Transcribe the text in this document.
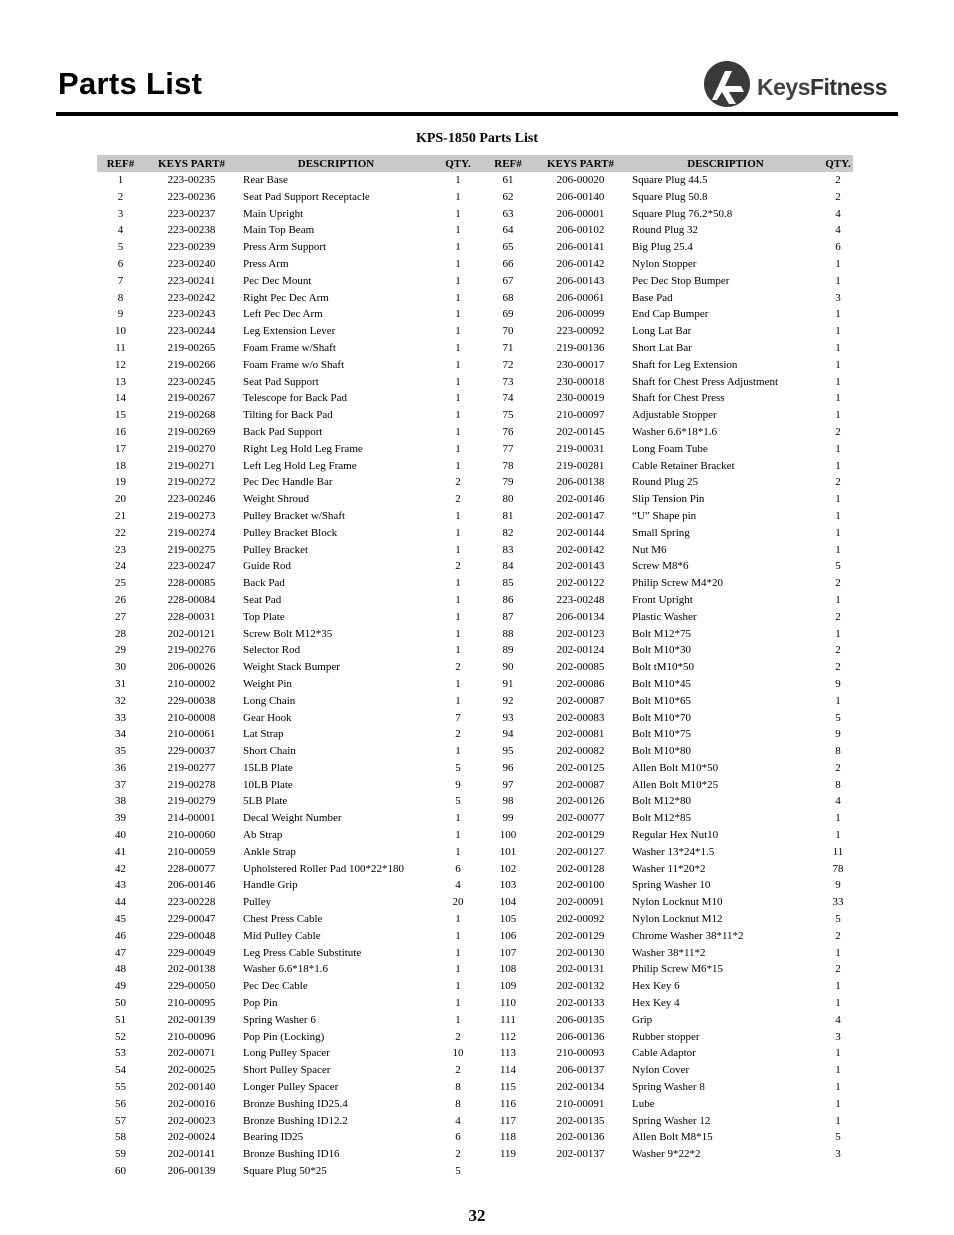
Parts List	KeysFitness
KPS-1850 Parts List
REF#	KEYS PART#	DESCRIPTION	QTY.	REF#	KEYS PART#	DESCRIPTION	QTY.
1	223-00235	Rear Base	1	61	206-00020	Square Plug 44.5	2
2	223-00236	Seat Pad Support Receptacle	1	62	206-00140	Square Plug 50.8	2
3	223-00237	Main Upright	1	63	206-00001	Square Plug 76.2*50.8	4
4	223-00238	Main Top Beam	1	64	206-00102	Round Plug 32	4
5	223-00239	Press Arm Support	1	65	206-00141	Big Plug 25.4	6
6	223-00240	Press Arm	1	66	206-00142	Nylon Stopper	1
7	223-00241	Pec Dec Mount	1	67	206-00143	Pec Dec Stop Bumper	1
8	223-00242	Right Pec Dec Arm	1	68	206-00061	Base Pad	3
9	223-00243	Left Pec Dec Arm	1	69	206-00099	End Cap Bumper	1
10	223-00244	Leg Extension Lever	1	70	223-00092	Long Lat Bar	1
11	219-00265	Foam Frame w/Shaft	1	71	219-00136	Short Lat Bar	1
12	219-00266	Foam Frame w/o Shaft	1	72	230-00017	Shaft for Leg Extension	1
13	223-00245	Seat Pad Support	1	73	230-00018	Shaft for Chest Press Adjustment	1
14	219-00267	Telescope for Back Pad	1	74	230-00019	Shaft for Chest Press	1
15	219-00268	Tilting for Back Pad	1	75	210-00097	Adjustable Stopper	1
16	219-00269	Back Pad Support	1	76	202-00145	Washer 6.6*18*1.6	2
17	219-00270	Right Leg Hold Leg Frame	1	77	219-00031	Long Foam Tube	1
18	219-00271	Left Leg Hold Leg Frame	1	78	219-00281	Cable Retainer Bracket	1
19	219-00272	Pec Dec Handle Bar	2	79	206-00138	Round Plug 25	2
20	223-00246	Weight Shroud	2	80	202-00146	Slip Tension Pin	1
21	219-00273	Pulley Bracket w/Shaft	1	81	202-00147	“U” Shape pin	1
22	219-00274	Pulley Bracket Block	1	82	202-00144	Small Spring	1
23	219-00275	Pulley Bracket	1	83	202-00142	Nut M6	1
24	223-00247	Guide Rod	2	84	202-00143	Screw M8*6	5
25	228-00085	Back Pad	1	85	202-00122	Philip Screw M4*20	2
26	228-00084	Seat Pad	1	86	223-00248	Front Upright	1
27	228-00031	Top Plate	1	87	206-00134	Plastic Washer	2
28	202-00121	Screw Bolt M12*35	1	88	202-00123	Bolt M12*75	1
29	219-00276	Selector Rod	1	89	202-00124	Bolt M10*30	2
30	206-00026	Weight Stack Bumper	2	90	202-00085	Bolt tM10*50	2
31	210-00002	Weight Pin	1	91	202-00086	Bolt M10*45	9
32	229-00038	Long Chain	1	92	202-00087	Bolt M10*65	1
33	210-00008	Gear Hook	7	93	202-00083	Bolt M10*70	5
34	210-00061	Lat Strap	2	94	202-00081	Bolt M10*75	9
35	229-00037	Short Chain	1	95	202-00082	Bolt M10*80	8
36	219-00277	15LB Plate	5	96	202-00125	Allen Bolt M10*50	2
37	219-00278	10LB Plate	9	97	202-00087	Allen Bolt M10*25	8
38	219-00279	5LB Plate	5	98	202-00126	Bolt M12*80	4
39	214-00001	Decal Weight Number	1	99	202-00077	Bolt M12*85	1
40	210-00060	Ab Strap	1	100	202-00129	Regular Hex Nut10	1
41	210-00059	Ankle Strap	1	101	202-00127	Washer 13*24*1.5	11
42	228-00077	Upholstered Roller Pad 100*22*180	6	102	202-00128	Washer 11*20*2	78
43	206-00146	Handle Grip	4	103	202-00100	Spring Washer 10	9
44	223-00228	Pulley	20	104	202-00091	Nylon Locknut M10	33
45	229-00047	Chest Press Cable	1	105	202-00092	Nylon Locknut M12	5
46	229-00048	Mid Pulley Cable	1	106	202-00129	Chrome Washer 38*11*2	2
47	229-00049	Leg Press Cable Substitute	1	107	202-00130	Washer 38*11*2	1
48	202-00138	Washer 6.6*18*1.6	1	108	202-00131	Philip Screw M6*15	2
49	229-00050	Pec Dec Cable	1	109	202-00132	Hex Key 6	1
50	210-00095	Pop Pin	1	110	202-00133	Hex Key 4	1
51	202-00139	Spring Washer 6	1	111	206-00135	Grip	4
52	210-00096	Pop Pin (Locking)	2	112	206-00136	Rubber stopper	3
53	202-00071	Long Pulley Spacer	10	113	210-00093	Cable Adaptor	1
54	202-00025	Short Pulley Spacer	2	114	206-00137	Nylon Cover	1
55	202-00140	Longer Pulley Spacer	8	115	202-00134	Spring Washer 8	1
56	202-00016	Bronze Bushing ID25.4	8	116	210-00091	Lube	1
57	202-00023	Bronze Bushing ID12.2	4	117	202-00135	Spring Washer 12	1
58	202-00024	Bearing ID25	6	118	202-00136	Allen Bolt M8*15	5
59	202-00141	Bronze Bushing ID16	2	119	202-00137	Washer 9*22*2	3
60	206-00139	Square Plug 50*25	5				
32
